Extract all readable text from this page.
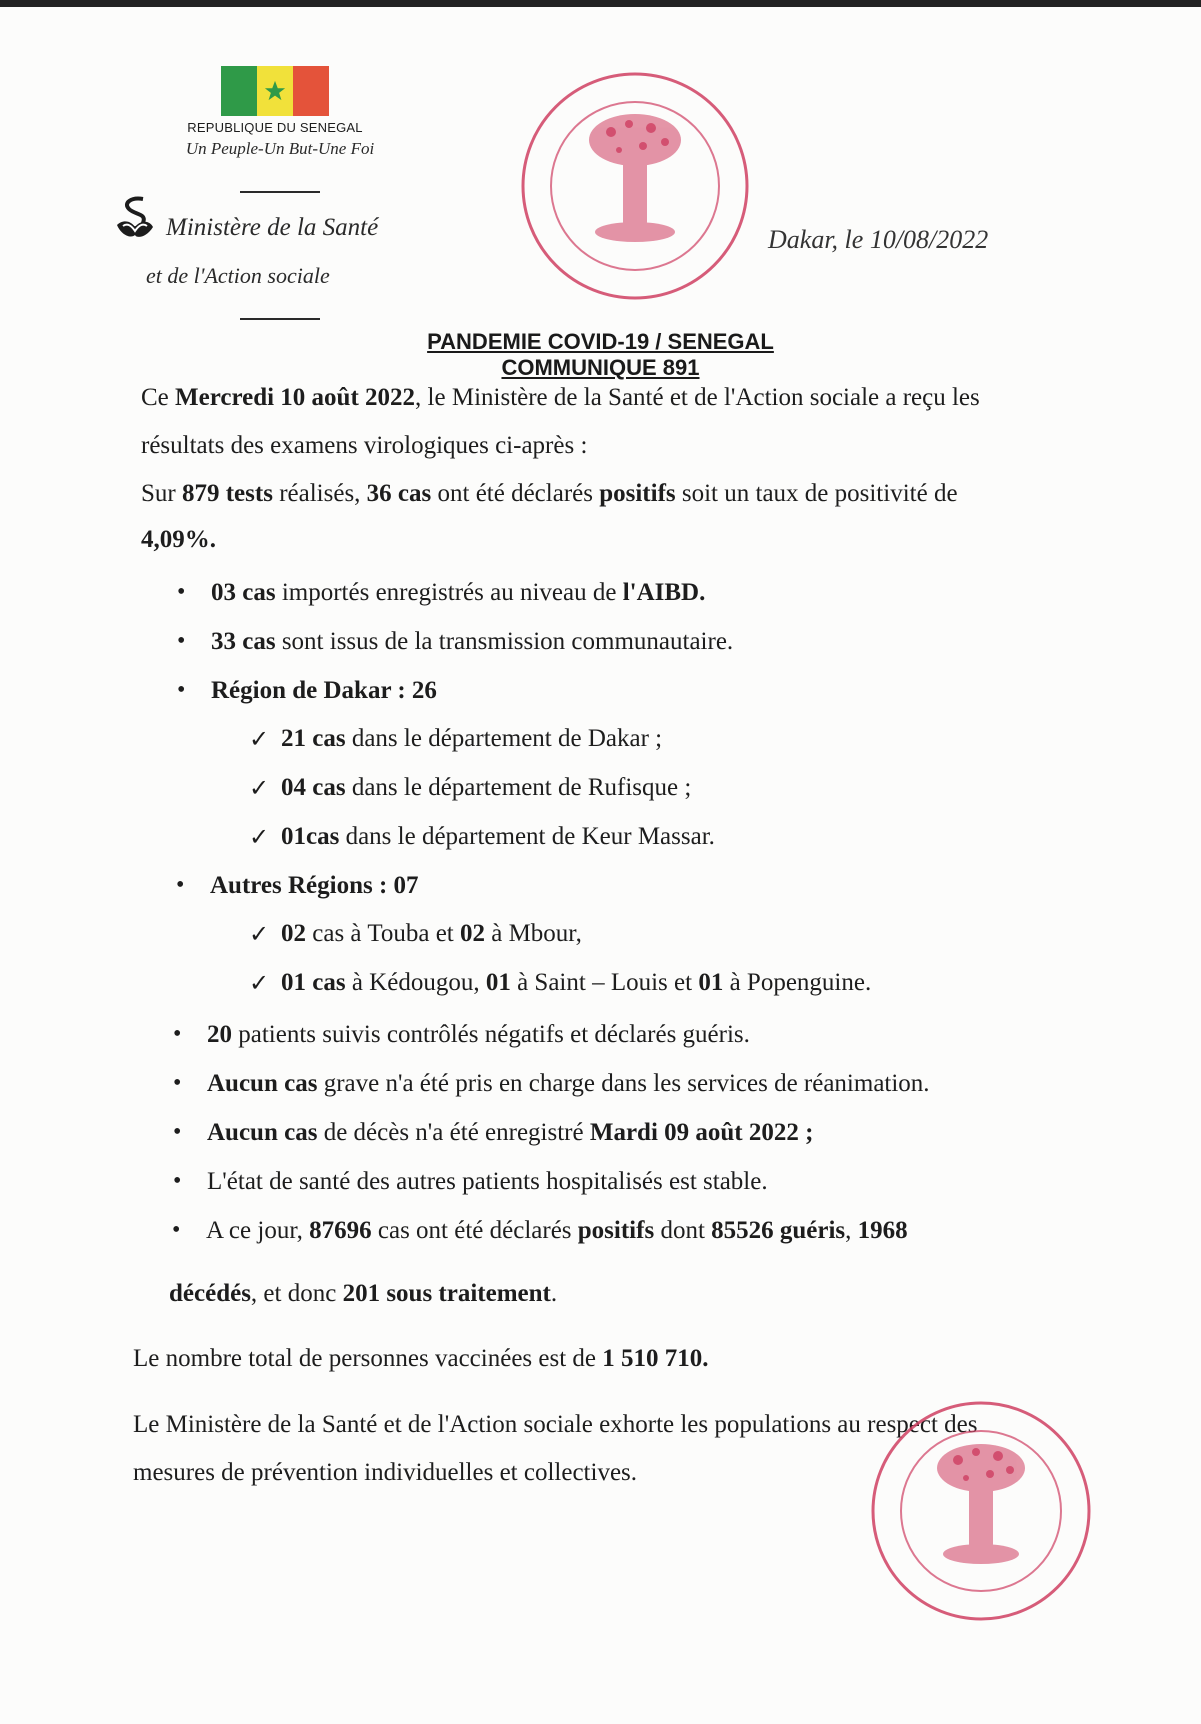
REPUBLIQUE DU SENEGAL
Un Peuple-Un But-Une Foi
Ministère de la Santé
et de l'Action sociale
Dakar, le 10/08/2022
PANDEMIE COVID-19 / SENEGAL
COMMUNIQUE 891
Ce Mercredi 10 août 2022, le Ministère de la Santé et de l'Action sociale a reçu les
résultats des examens virologiques ci-après :
Sur 879 tests réalisés, 36 cas ont été déclarés positifs soit un taux de positivité de
4,09%.
• 03 cas importés enregistrés au niveau de l'AIBD.
• 33 cas sont issus de la transmission communautaire.
• Région de Dakar : 26
✓ 21 cas dans le département de Dakar ;
✓ 04 cas dans le département de Rufisque ;
✓ 01cas dans le département de Keur Massar.
• Autres Régions : 07
✓ 02 cas à Touba et 02 à Mbour,
✓ 01 cas à Kédougou, 01 à Saint – Louis et 01 à Popenguine.
• 20 patients suivis contrôlés négatifs et déclarés guéris.
• Aucun cas grave n'a été pris en charge dans les services de réanimation.
• Aucun cas de décès n'a été enregistré Mardi 09 août 2022 ;
• L'état de santé des autres patients hospitalisés est stable.
• A ce jour, 87696 cas ont été déclarés positifs dont 85526 guéris, 1968
décédés, et donc 201 sous traitement.
Le nombre total de personnes vaccinées est de 1 510 710.
Le Ministère de la Santé et de l'Action sociale exhorte les populations au respect des
mesures de prévention individuelles et collectives.
